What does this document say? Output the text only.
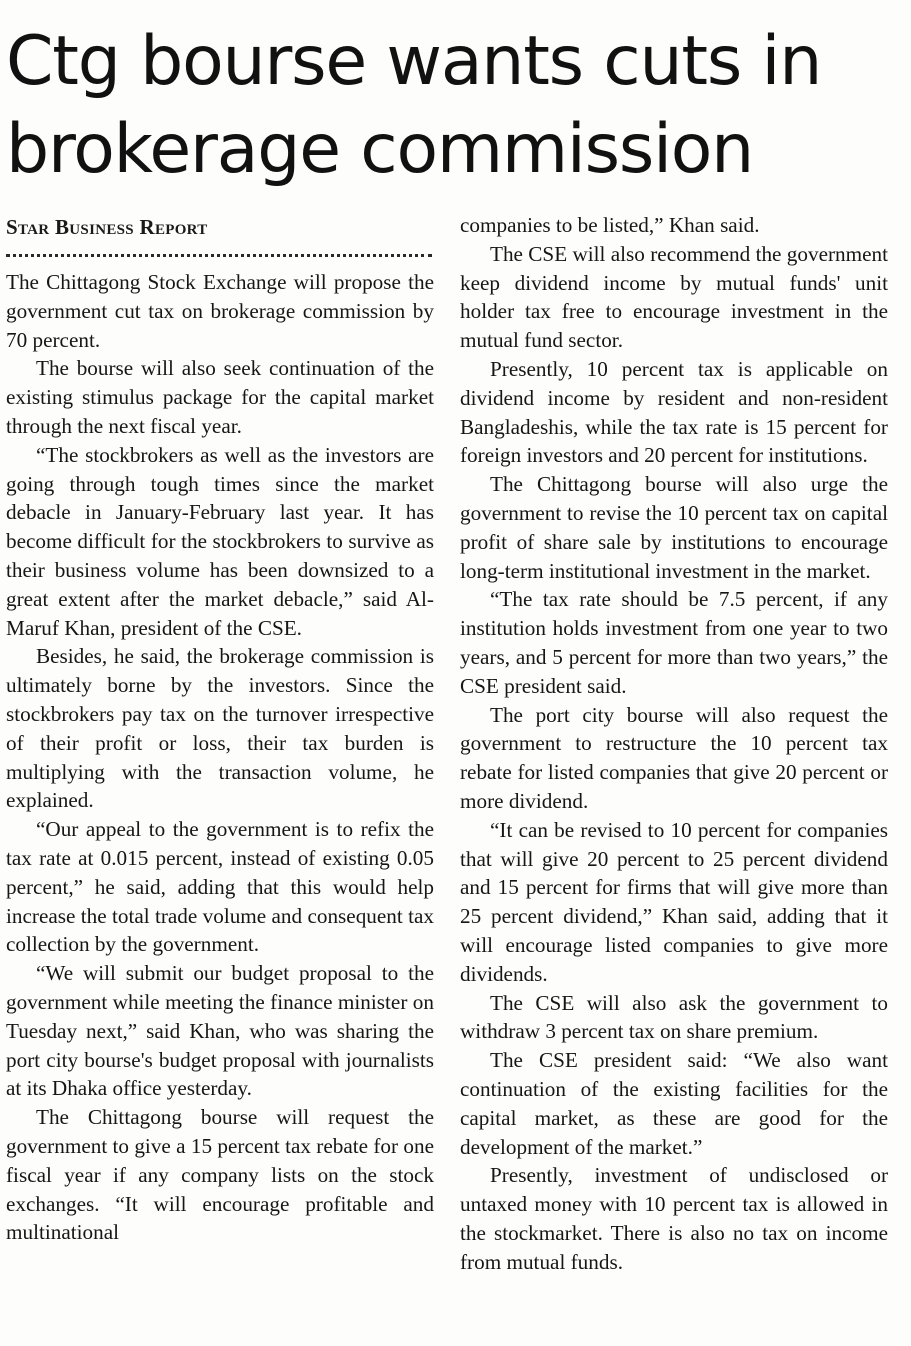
Ctg bourse wants cuts in brokerage commission
Star Business Report

The Chittagong Stock Exchange will propose the government cut tax on brokerage commission by 70 percent.

The bourse will also seek continuation of the existing stimulus package for the capital market through the next fiscal year.

“The stockbrokers as well as the investors are going through tough times since the market debacle in January-February last year. It has become difficult for the stockbrokers to survive as their business volume has been downsized to a great extent after the market debacle,” said Al-Maruf Khan, president of the CSE.

Besides, he said, the brokerage commission is ultimately borne by the investors. Since the stockbrokers pay tax on the turnover irrespective of their profit or loss, their tax burden is multiplying with the transaction volume, he explained.

“Our appeal to the government is to refix the tax rate at 0.015 percent, instead of existing 0.05 percent,” he said, adding that this would help increase the total trade volume and consequent tax collection by the government.

“We will submit our budget proposal to the government while meeting the finance minister on Tuesday next,” said Khan, who was sharing the port city bourse's budget proposal with journalists at its Dhaka office yesterday.

The Chittagong bourse will request the government to give a 15 percent tax rebate for one fiscal year if any company lists on the stock exchanges. “It will encourage profitable and multinational

companies to be listed,” Khan said.

The CSE will also recommend the government keep dividend income by mutual funds' unit holder tax free to encourage investment in the mutual fund sector.

Presently, 10 percent tax is applicable on dividend income by resident and non-resident Bangladeshis, while the tax rate is 15 percent for foreign investors and 20 percent for institutions.

The Chittagong bourse will also urge the government to revise the 10 percent tax on capital profit of share sale by institutions to encourage long-term institutional investment in the market.

“The tax rate should be 7.5 percent, if any institution holds investment from one year to two years, and 5 percent for more than two years,” the CSE president said.

The port city bourse will also request the government to restructure the 10 percent tax rebate for listed companies that give 20 percent or more dividend.

“It can be revised to 10 percent for companies that will give 20 percent to 25 percent dividend and 15 percent for firms that will give more than 25 percent dividend,” Khan said, adding that it will encourage listed companies to give more dividends.

The CSE will also ask the government to withdraw 3 percent tax on share premium.

The CSE president said: “We also want continuation of the existing facilities for the capital market, as these are good for the development of the market.”

Presently, investment of undisclosed or untaxed money with 10 percent tax is allowed in the stockmarket. There is also no tax on income from mutual funds.
